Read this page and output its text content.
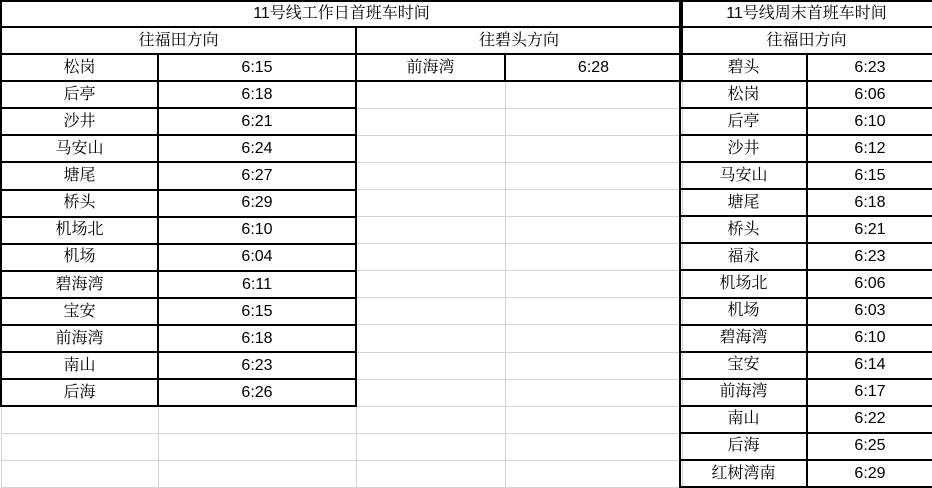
11号线工作日首班车时间			
往福田方向		往碧头方向	
松岗	6:15	前海湾	6:28
后亭	6:18		
沙井	6:21		
马安山	6:24		
塘尾	6:27		
桥头	6:29		
机场北	6:10		
机场	6:04		
碧海湾	6:11		
宝安	6:15		
前海湾	6:18		
南山	6:23		
后海	6:26		

11号线周末首班车时间	
往福田方向	
碧头	6:23
松岗	6:06
后亭	6:10
沙井	6:12
马安山	6:15
塘尾	6:18
桥头	6:21
福永	6:23
机场北	6:06
机场	6:03
碧海湾	6:10
宝安	6:14
前海湾	6:17
南山	6:22
后海	6:25
红树湾南	6:29
